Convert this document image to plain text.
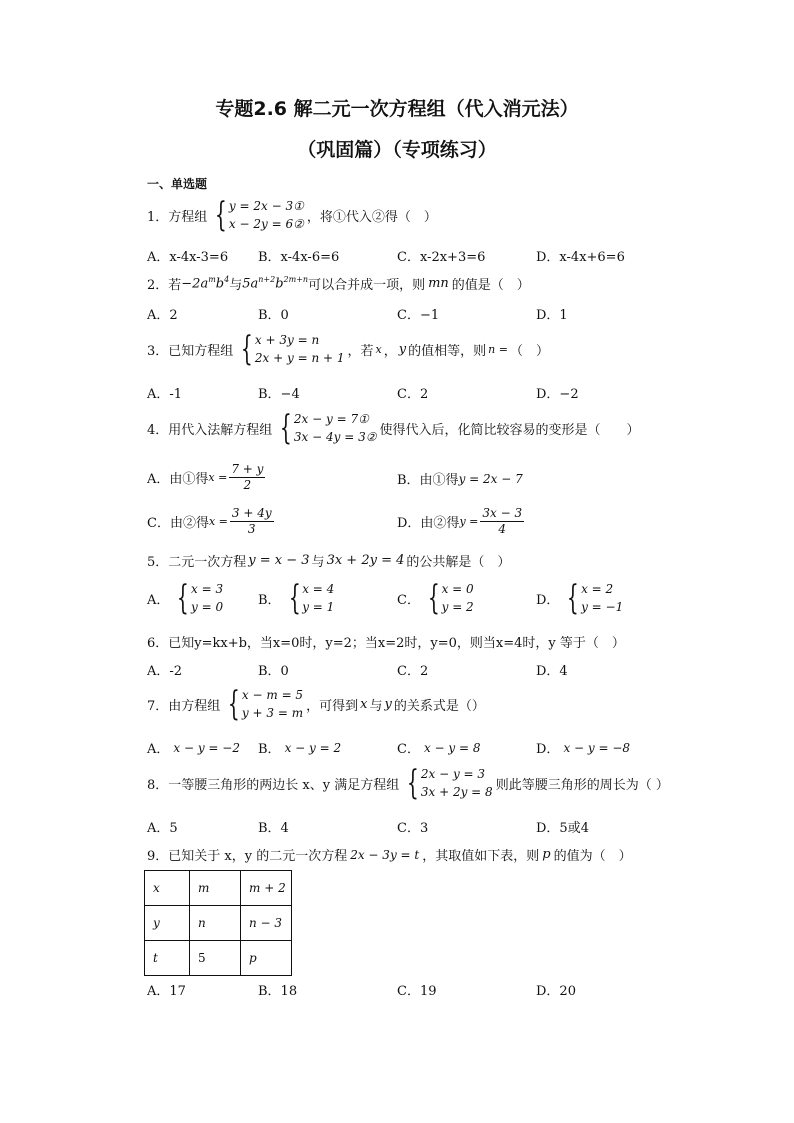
专题2.6 解二元一次方程组（代入消元法）
（巩固篇）（专项练习）
一、单选题
1．方程组 { y = 2x − 3①
x − 2y = 6② ，将①代入②得（　）
A．x-4x-3=6 B．x-4x-6=6	C．x-2x+3=6	D．x-4x+6=6
2．若 $-2a^mb^4$ 与 $5a^{n+2}b^{2m+n}$ 可以合并成一项，则 mn 的值是（　）
A．2	B．0	C．−1	D．1
3．已知方程组 { x + 3y = n
2x + y = n + 1 ，若 x ， y 的值相等，则 n = （　）
A．-1	B．−4	C．2	D．−2
4．用代入法解方程组 { 2x − y = 7①
3x − 4y = 3② 使得代入后，化简比较容易的变形是（　　）
A．由①得 $x = \frac{7 + y}{2}$	B．由①得 y = 2x − 7
C．由②得 $x = \frac{3 + 4y}{3}$	D．由②得 $y = \frac{3x - 3}{4}$
5．二元一次方程 y = x − 3 与 3x + 2y = 4 的公共解是（　）
A． { x = 3
y = 0	B． { x = 4
y = 1	C． { x = 0
y = 2	D． { x = 2
y = −1
6．已知y=kx+b，当x=0时，y=2；当x=2时，y=0，则当x=4时，y 等于（　）
A．-2	B．0	C．2	D．4
7．由方程组 { x − m = 5
y + 3 = m ，可得到 x 与 y 的关系式是（）
A． x − y = −2 B． x − y = 2	C． x − y = 8	D． x − y = −8
8．一等腰三角形的两边长 x、y 满足方程组 { 2x − y = 3
3x + 2y = 8 则此等腰三角形的周长为（ ）
A．5	B．4	C．3	D．5或4
9．已知关于 x，y 的二元一次方程 2x − 3y = t ，其取值如下表，则 p 的值为（　）
x	m	m + 2
y	n	n − 3
t	5	p
A．17	B．18	C．19	D．20
